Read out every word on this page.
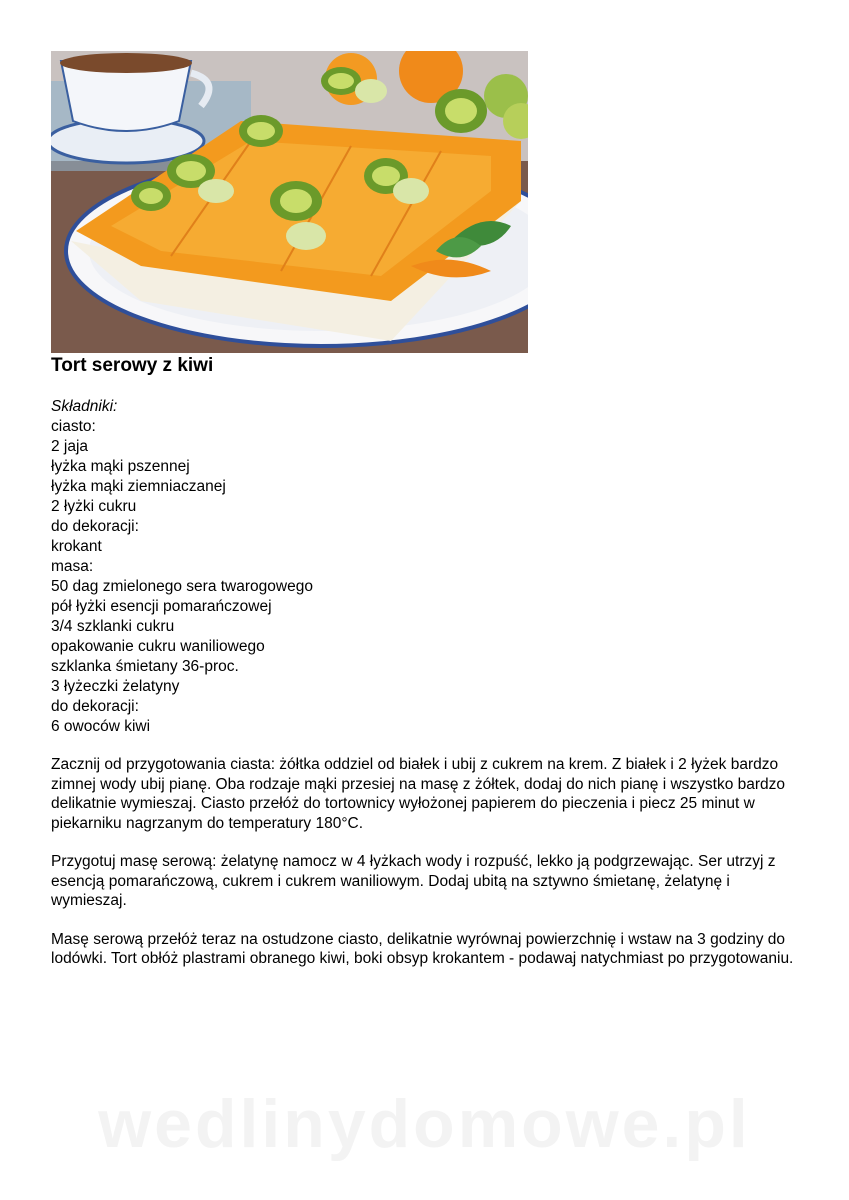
Tort serowy z kiwi
Składniki:
ciasto:
2 jaja
łyżka mąki pszennej
łyżka mąki ziemniaczanej
2 łyżki cukru
do dekoracji:
krokant
masa:
50 dag zmielonego sera twarogowego
pół łyżki esencji pomarańczowej
3/4 szklanki cukru
opakowanie cukru waniliowego
szklanka śmietany 36-proc.
3 łyżeczki żelatyny
do dekoracji:
6 owoców kiwi

Zacznij od przygotowania ciasta: żółtka oddziel od białek i ubij z cukrem na krem. Z białek i 2 łyżek bardzo zimnej wody ubij pianę. Oba rodzaje mąki przesiej na masę z żółtek, dodaj do nich pianę i wszystko bardzo delikatnie wymieszaj. Ciasto przełóż do tortownicy wyłożonej papierem do pieczenia i piecz 25 minut w piekarniku nagrzanym do temperatury 180°C.

Przygotuj masę serową: żelatynę namocz w 4 łyżkach wody i rozpuść, lekko ją podgrzewając. Ser utrzyj z esencją pomarańczową, cukrem i cukrem waniliowym. Dodaj ubitą na sztywno śmietanę, żelatynę i wymieszaj.

Masę serową przełóż teraz na ostudzone ciasto, delikatnie wyrównaj powierzchnię i wstaw na 3 godziny do lodówki. Tort obłóż plastrami obranego kiwi, boki obsyp krokantem - podawaj natychmiast po przygotowaniu.

wedlinydomowe.pl
